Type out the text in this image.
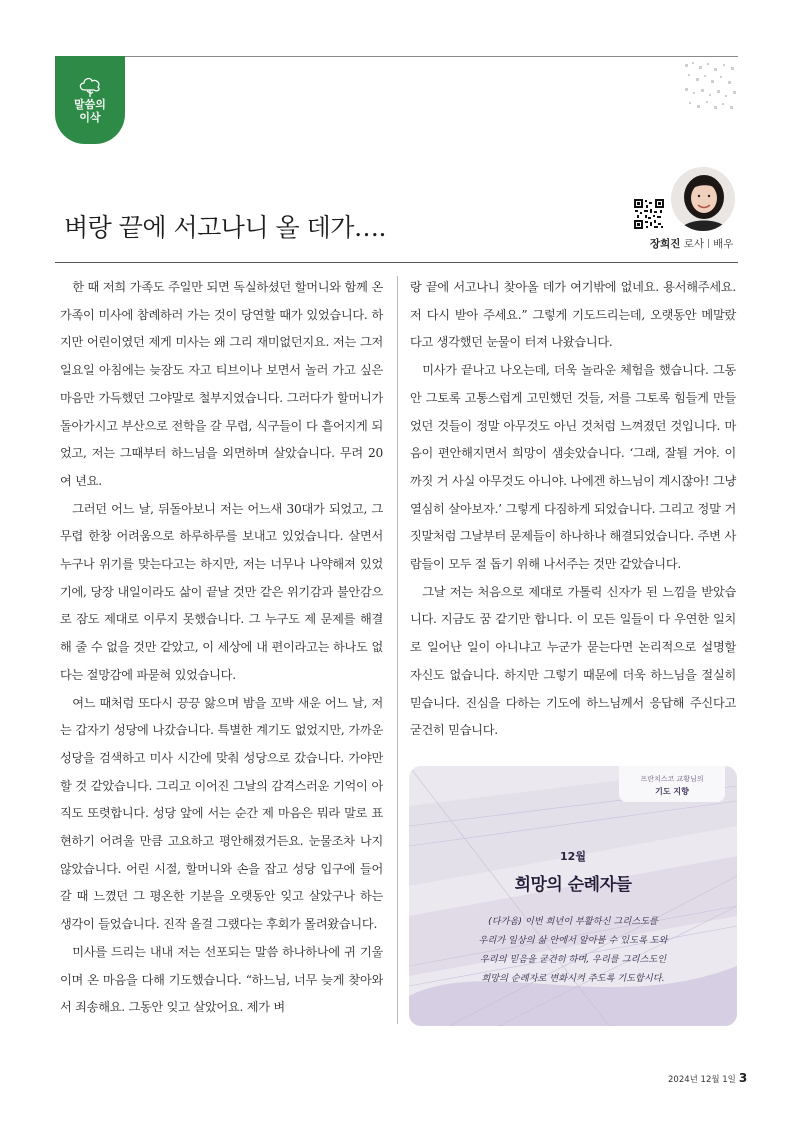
말씀의
이삭
벼랑 끝에 서고나니 올 데가….
장희진 로사 배우

한 때 저희 가족도 주일만 되면 독실하셨던 할머니와 함께 온 가족이 미사에 참례하러 가는 것이 당연할 때가 있었습니다. 하지만 어린이였던 제게 미사는 왜 그리 재미없던지요. 저는 그저 일요일 아침에는 늦잠도 자고 티브이나 보면서 놀러 가고 싶은 마음만 가득했던 그야말로 철부지였습니다. 그러다가 할머니가 돌아가시고 부산으로 전학을 갈 무렵, 식구들이 다 흩어지게 되었고, 저는 그때부터 하느님을 외면하며 살았습니다. 무려 20여 년요.

그러던 어느 날, 뒤돌아보니 저는 어느새 30대가 되었고, 그 무렵 한창 어려움으로 하루하루를 보내고 있었습니다. 살면서 누구나 위기를 맞는다고는 하지만, 저는 너무나 나약해져 있었기에, 당장 내일이라도 삶이 끝날 것만 같은 위기감과 불안감으로 잠도 제대로 이루지 못했습니다. 그 누구도 제 문제를 해결해 줄 수 없을 것만 같았고, 이 세상에 내 편이라고는 하나도 없다는 절망감에 파묻혀 있었습니다.

여느 때처럼 또다시 끙끙 앓으며 밤을 꼬박 새운 어느 날, 저는 갑자기 성당에 나갔습니다. 특별한 계기도 없었지만, 가까운 성당을 검색하고 미사 시간에 맞춰 성당으로 갔습니다. 가야만 할 것 같았습니다. 그리고 이어진 그날의 감격스러운 기억이 아직도 또렷합니다. 성당 앞에 서는 순간 제 마음은 뭐라 말로 표현하기 어려울 만큼 고요하고 평안해졌거든요. 눈물조차 나지 않았습니다. 어린 시절, 할머니와 손을 잡고 성당 입구에 들어갈 때 느꼈던 그 평온한 기분을 오랫동안 잊고 살았구나 하는 생각이 들었습니다. 진작 올걸 그랬다는 후회가 몰려왔습니다.

미사를 드리는 내내 저는 선포되는 말씀 하나하나에 귀 기울이며 온 마음을 다해 기도했습니다. “하느님, 너무 늦게 찾아와서 죄송해요. 그동안 잊고 살았어요. 제가 벼

랑 끝에 서고나니 찾아올 데가 여기밖에 없네요. 용서해주세요. 저 다시 받아 주세요.” 그렇게 기도드리는데, 오랫동안 메말랐다고 생각했던 눈물이 터져 나왔습니다.

미사가 끝나고 나오는데, 더욱 놀라운 체험을 했습니다. 그동안 그토록 고통스럽게 고민했던 것들, 저를 그토록 힘들게 만들었던 것들이 정말 아무것도 아닌 것처럼 느껴졌던 것입니다. 마음이 편안해지면서 희망이 샘솟았습니다. ‘그래, 잘될 거야. 이까짓 거 사실 아무것도 아니야. 나에겐 하느님이 계시잖아! 그냥 열심히 살아보자.’ 그렇게 다짐하게 되었습니다. 그리고 정말 거짓말처럼 그날부터 문제들이 하나하나 해결되었습니다. 주변 사람들이 모두 절 돕기 위해 나서주는 것만 같았습니다.

그날 저는 처음으로 제대로 가톨릭 신자가 된 느낌을 받았습니다. 지금도 꿈 같기만 합니다. 이 모든 일들이 다 우연한 일치로 일어난 일이 아니냐고 누군가 묻는다면 논리적으로 설명할 자신도 없습니다. 하지만 그렇기 때문에 더욱 하느님을 절실히 믿습니다. 진심을 다하는 기도에 하느님께서 응답해 주신다고 굳건히 믿습니다.

프란치스코 교황님의
기도 지향
12월
희망의 순례자들
(다가옴) 이번 희년이 부활하신 그리스도를
우리가 일상의 삶 안에서 알아볼 수 있도록 도와
우리의 믿음을 굳건히 하며, 우리를 그리스도인
희망의 순례자로 변화시켜 주도록 기도합시다.
2024년 12월 1일 3
